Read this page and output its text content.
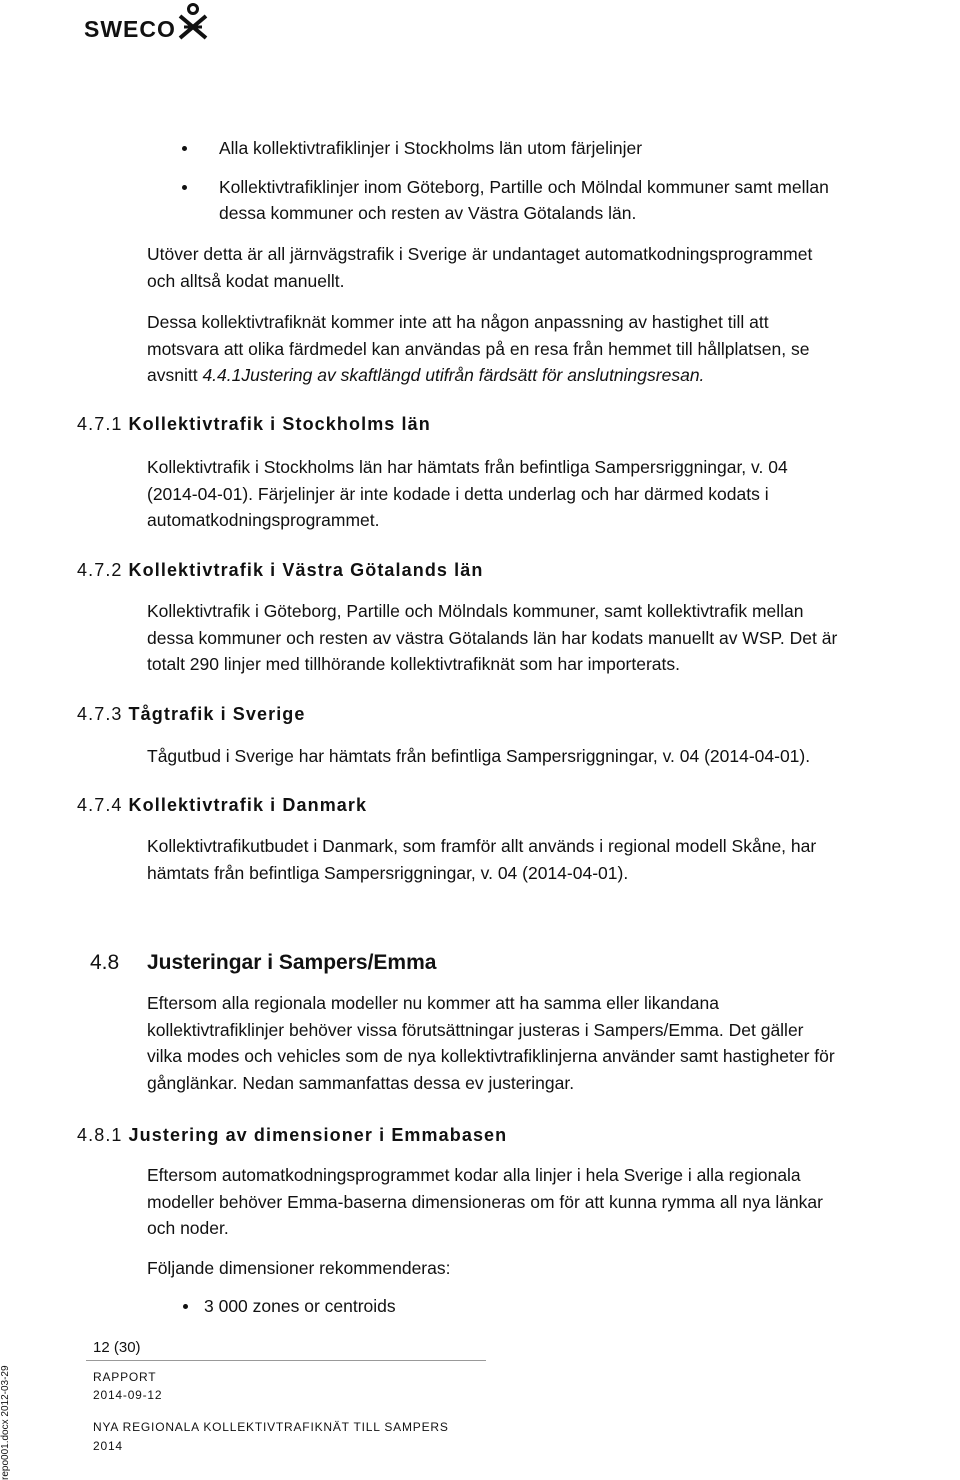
SWECO
Alla kollektivtrafiklinjer i Stockholms län utom färjelinjer
Kollektivtrafiklinjer inom Göteborg, Partille och Mölndal kommuner samt mellan
dessa kommuner och resten av Västra Götalands län.
Utöver detta är all järnvägstrafik i Sverige är undantaget automatkodningsprogrammet
och alltså kodat manuellt.
Dessa kollektivtrafiknät kommer inte att ha någon anpassning av hastighet till att
motsvara att olika färdmedel kan användas på en resa från hemmet till hållplatsen, se
avsnitt 4.4.1Justering av skaftlängd utifrån färdsätt för anslutningsresan.
4.7.1 Kollektivtrafik i Stockholms län
Kollektivtrafik i Stockholms län har hämtats från befintliga Sampersriggningar, v. 04
(2014-04-01). Färjelinjer är inte kodade i detta underlag och har därmed kodats i
automatkodningsprogrammet.
4.7.2 Kollektivtrafik i Västra Götalands län
Kollektivtrafik i Göteborg, Partille och Mölndals kommuner, samt kollektivtrafik mellan
dessa kommuner och resten av västra Götalands län har kodats manuellt av WSP. Det är
totalt 290 linjer med tillhörande kollektivtrafiknät som har importerats.
4.7.3 Tågtrafik i Sverige
Tågutbud i Sverige har hämtats från befintliga Sampersriggningar, v. 04 (2014-04-01).
4.7.4 Kollektivtrafik i Danmark
Kollektivtrafikutbudet i Danmark, som framför allt används i regional modell Skåne, har
hämtats från befintliga Sampersriggningar, v. 04 (2014-04-01).
4.8 Justeringar i Sampers/Emma
Eftersom alla regionala modeller nu kommer att ha samma eller likandana
kollektivtrafiklinjer behöver vissa förutsättningar justeras i Sampers/Emma. Det gäller
vilka modes och vehicles som de nya kollektivtrafiklinjerna använder samt hastigheter för
gånglänkar. Nedan sammanfattas dessa ev justeringar.
4.8.1 Justering av dimensioner i Emmabasen
Eftersom automatkodningsprogrammet kodar alla linjer i hela Sverige i alla regionala
modeller behöver Emma-baserna dimensioneras om för att kunna rymma all nya länkar
och noder.
Följande dimensioner rekommenderas:
3 000 zones or centroids
12 (30)
RAPPORT
2014-09-12
NYA REGIONALA KOLLEKTIVTRAFIKNÄT TILL SAMPERS
2014
repo001.docx 2012-03-29
